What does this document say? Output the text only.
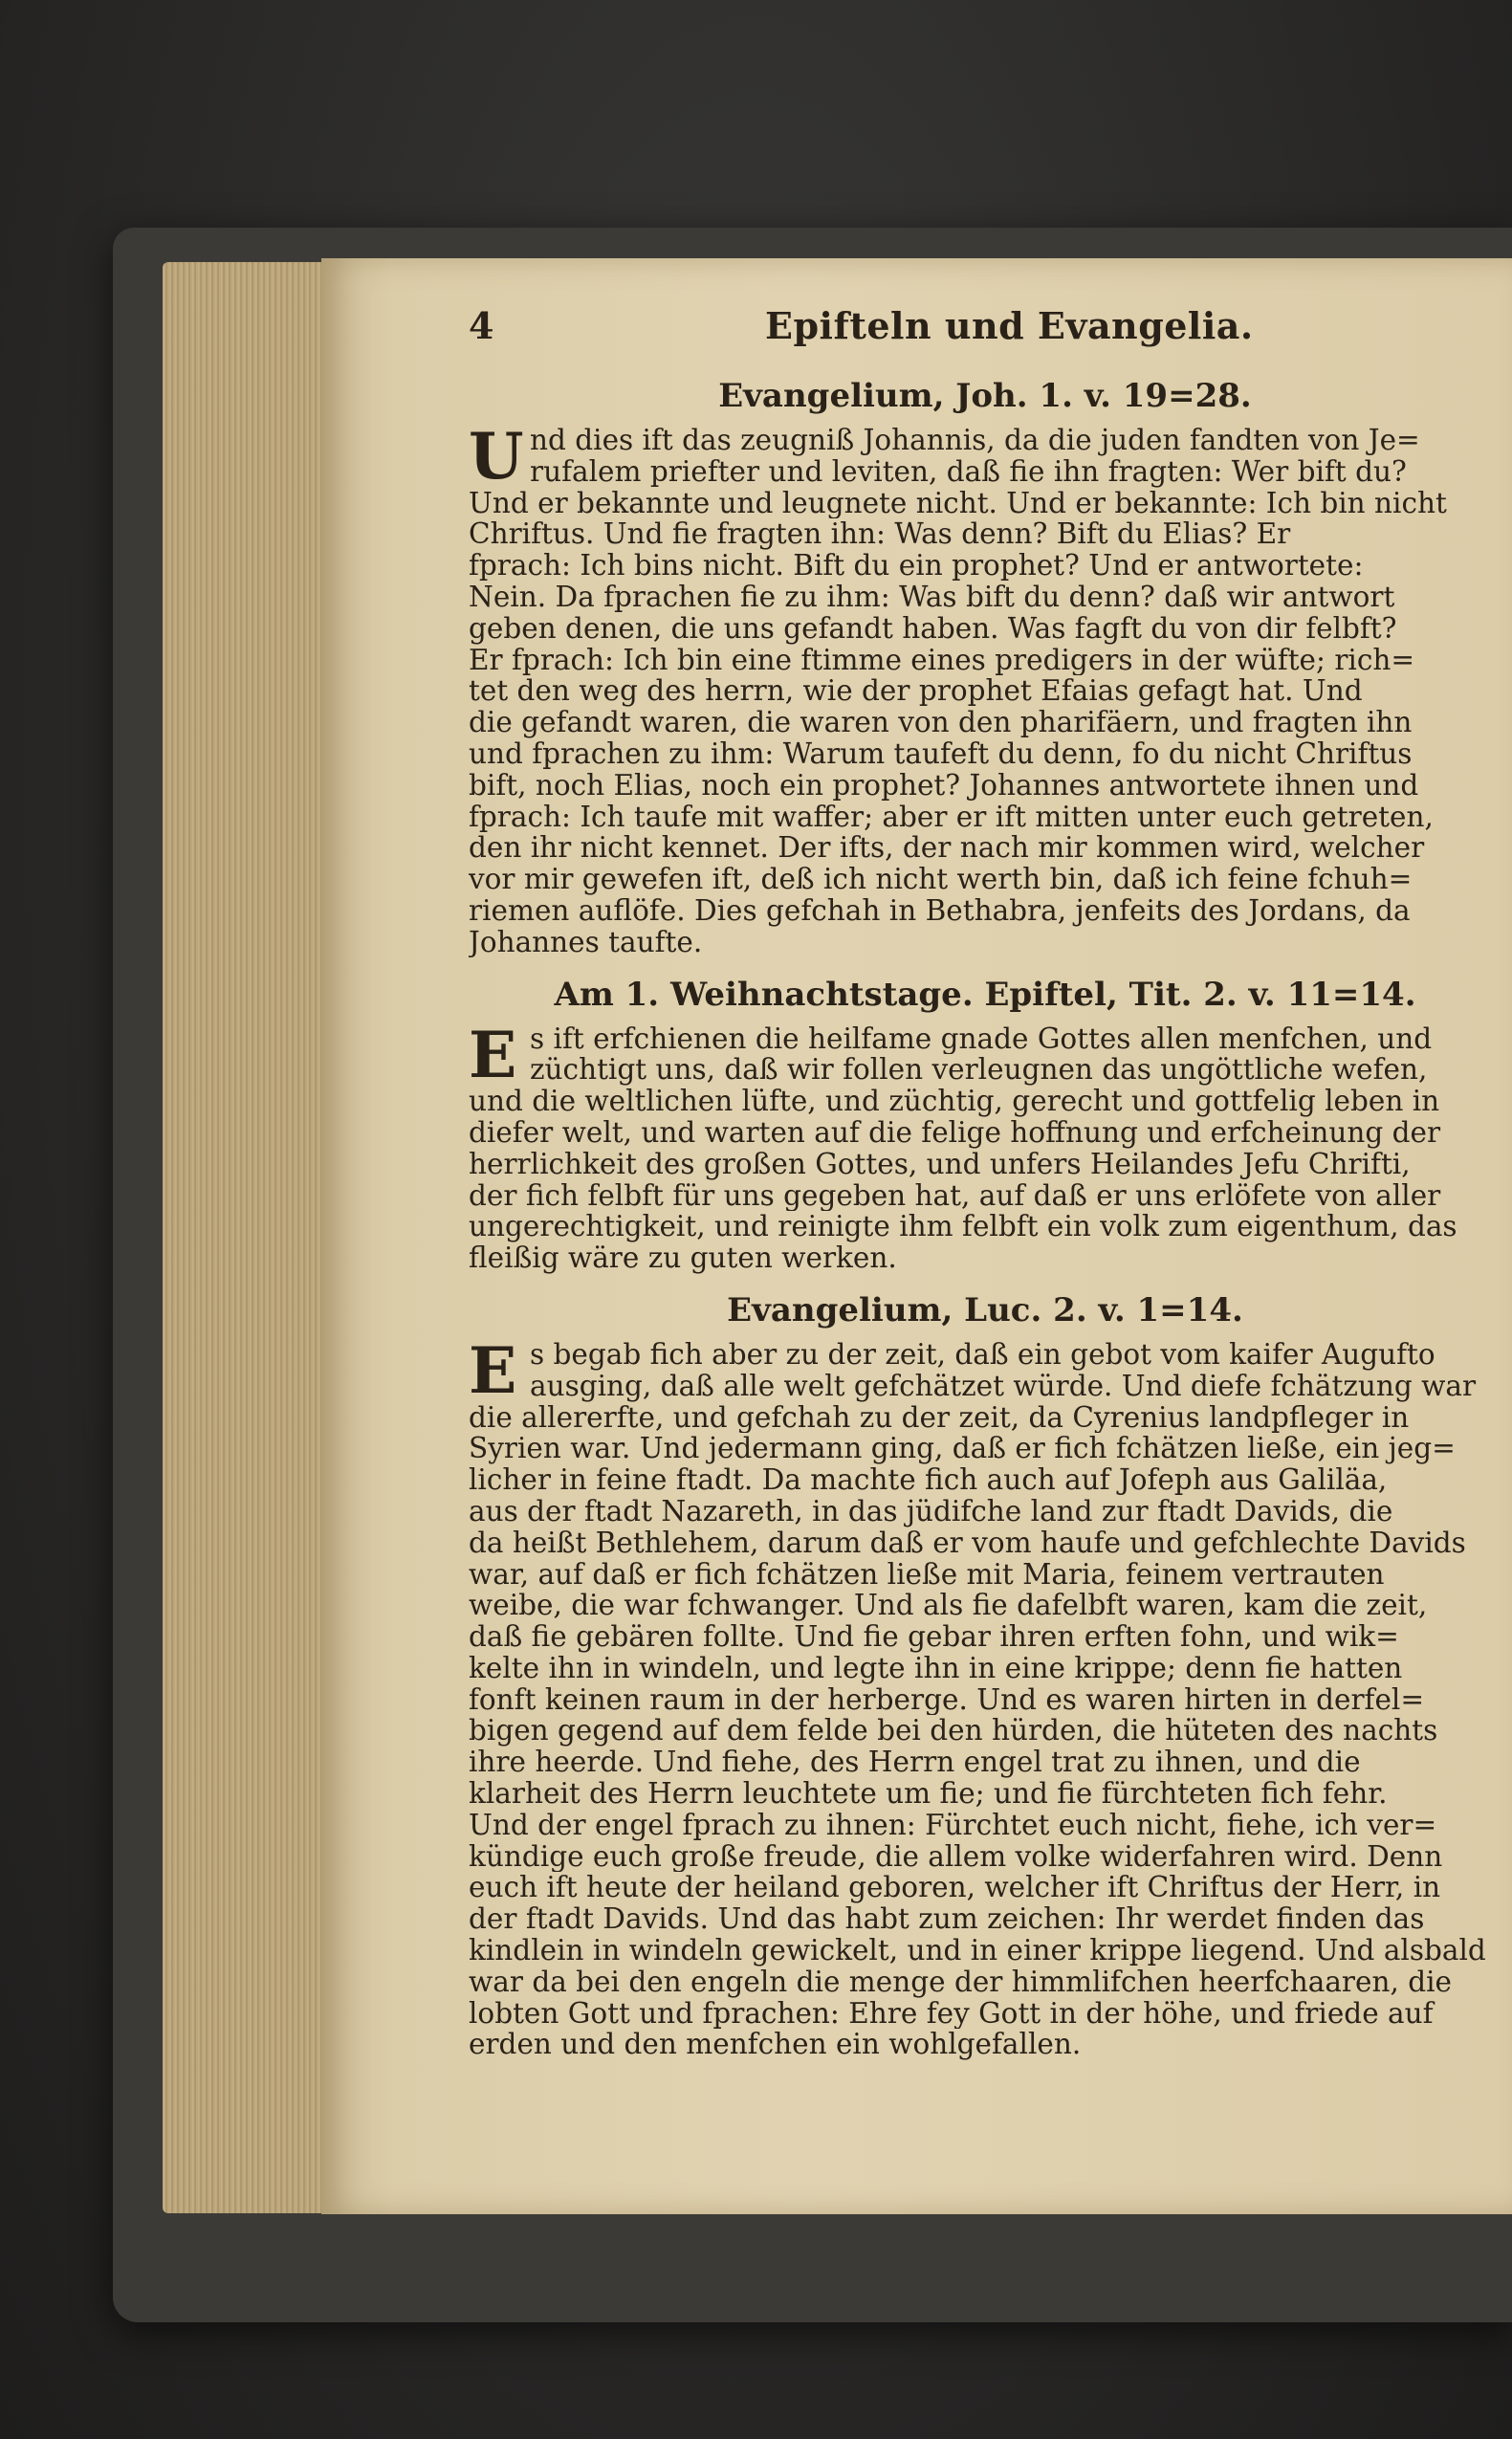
4	Epifteln und Evangelia.
Evangelium, Joh. 1. v. 19=28.
U nd dies ift das zeugniß Johannis, da die juden fandten von Je=
rufalem priefter und leviten, daß fie ihn fragten: Wer bift du?
Und er bekannte und leugnete nicht. Und er bekannte: Ich bin nicht
Chriftus. Und fie fragten ihn: Was denn? Bift du Elias? Er
fprach: Ich bins nicht. Bift du ein prophet? Und er antwortete:
Nein. Da fprachen fie zu ihm: Was bift du denn? daß wir antwort
geben denen, die uns gefandt haben. Was fagft du von dir felbft?
Er fprach: Ich bin eine ftimme eines predigers in der wüfte; rich=
tet den weg des herrn, wie der prophet Efaias gefagt hat. Und
die gefandt waren, die waren von den pharifäern, und fragten ihn
und fprachen zu ihm: Warum taufeft du denn, fo du nicht Chriftus
bift, noch Elias, noch ein prophet? Johannes antwortete ihnen und
fprach: Ich taufe mit waffer; aber er ift mitten unter euch getreten,
den ihr nicht kennet. Der ifts, der nach mir kommen wird, welcher
vor mir gewefen ift, deß ich nicht werth bin, daß ich feine fchuh=
riemen auflöfe. Dies gefchah in Bethabra, jenfeits des Jordans, da
Johannes taufte.
Am 1. Weihnachtstage. Epiftel, Tit. 2. v. 11=14.
E s ift erfchienen die heilfame gnade Gottes allen menfchen, und
züchtigt uns, daß wir follen verleugnen das ungöttliche wefen,
und die weltlichen lüfte, und züchtig, gerecht und gottfelig leben in
diefer welt, und warten auf die felige hoffnung und erfcheinung der
herrlichkeit des großen Gottes, und unfers Heilandes Jefu Chrifti,
der fich felbft für uns gegeben hat, auf daß er uns erlöfete von aller
ungerechtigkeit, und reinigte ihm felbft ein volk zum eigenthum, das
fleißig wäre zu guten werken.
Evangelium, Luc. 2. v. 1=14.
E s begab fich aber zu der zeit, daß ein gebot vom kaifer Augufto
ausging, daß alle welt gefchätzet würde. Und diefe fchätzung war
die allererfte, und gefchah zu der zeit, da Cyrenius landpfleger in
Syrien war. Und jedermann ging, daß er fich fchätzen ließe, ein jeg=
licher in feine ftadt. Da machte fich auch auf Jofeph aus Galiläa,
aus der ftadt Nazareth, in das jüdifche land zur ftadt Davids, die
da heißt Bethlehem, darum daß er vom haufe und gefchlechte Davids
war, auf daß er fich fchätzen ließe mit Maria, feinem vertrauten
weibe, die war fchwanger. Und als fie dafelbft waren, kam die zeit,
daß fie gebären follte. Und fie gebar ihren erften fohn, und wik=
kelte ihn in windeln, und legte ihn in eine krippe; denn fie hatten
fonft keinen raum in der herberge. Und es waren hirten in derfel=
bigen gegend auf dem felde bei den hürden, die hüteten des nachts
ihre heerde. Und fiehe, des Herrn engel trat zu ihnen, und die
klarheit des Herrn leuchtete um fie; und fie fürchteten fich fehr.
Und der engel fprach zu ihnen: Fürchtet euch nicht, fiehe, ich ver=
kündige euch große freude, die allem volke widerfahren wird. Denn
euch ift heute der heiland geboren, welcher ift Chriftus der Herr, in
der ftadt Davids. Und das habt zum zeichen: Ihr werdet finden das
kindlein in windeln gewickelt, und in einer krippe liegend. Und alsbald
war da bei den engeln die menge der himmlifchen heerfchaaren, die
lobten Gott und fprachen: Ehre fey Gott in der höhe, und friede auf
erden und den menfchen ein wohlgefallen.
